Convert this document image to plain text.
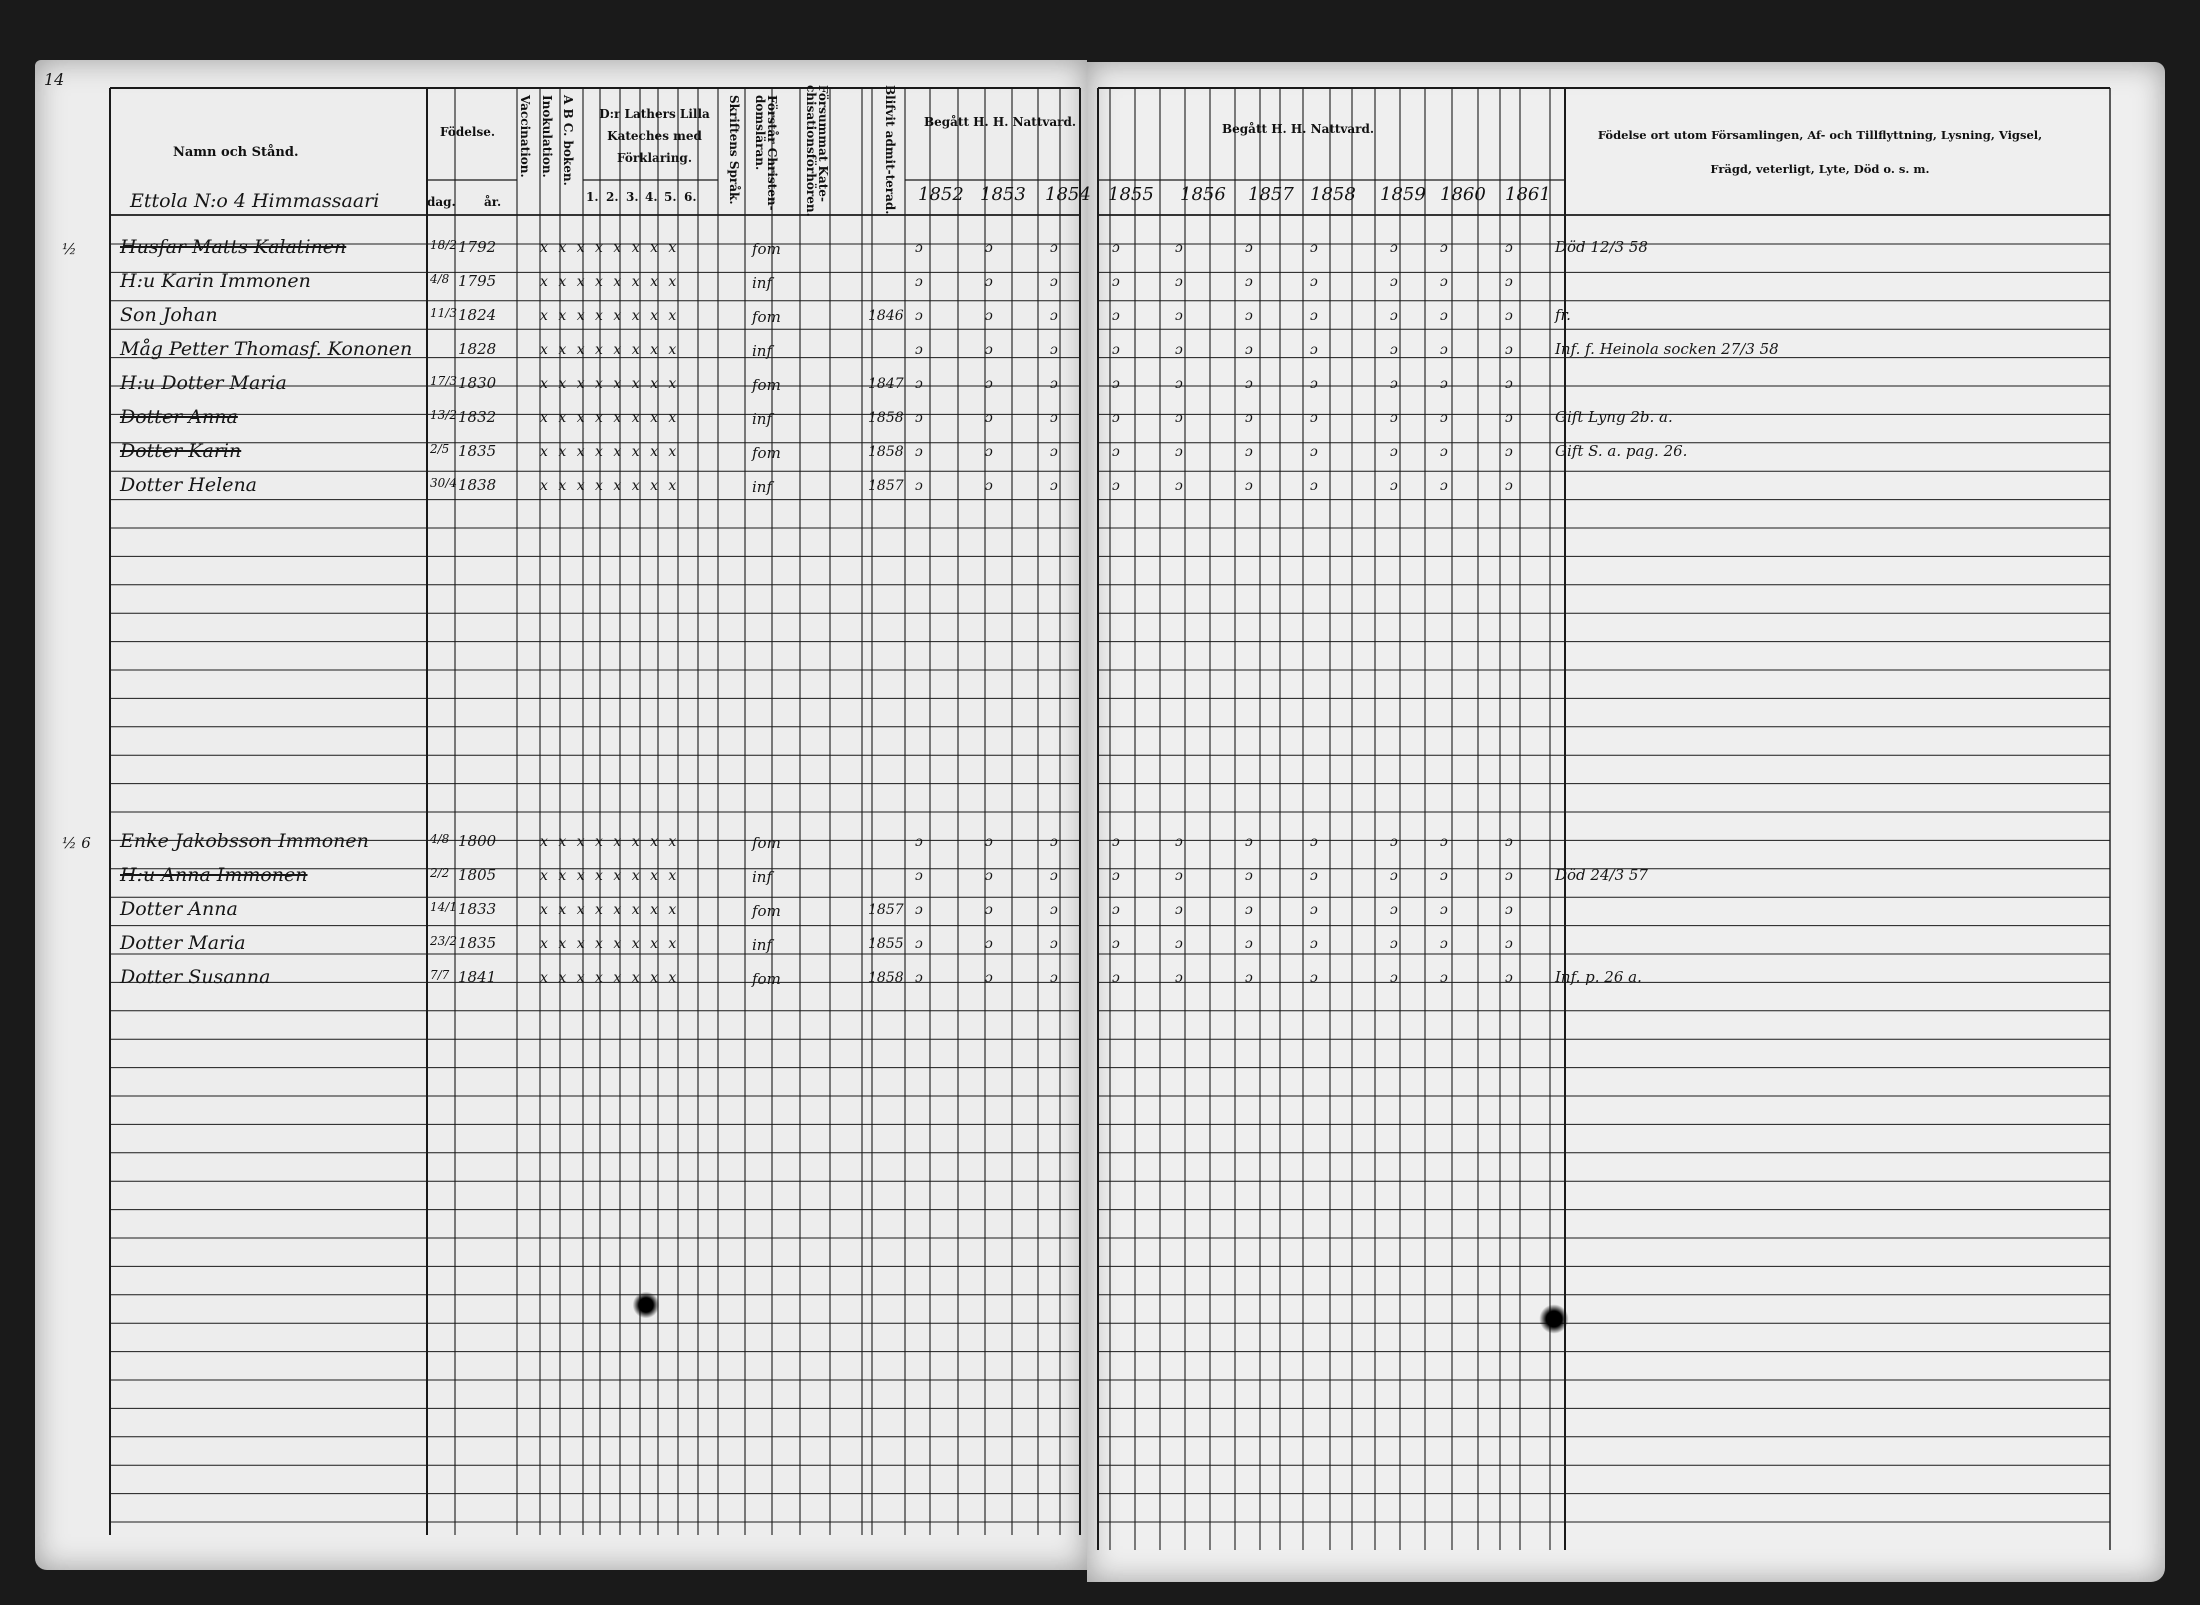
14
Namn och Stånd.
Födelse.
dag. år.
Vaccination. Inokulation. A B C. boken.	D:r Lathers Lilla Kateches med Förklaring.
1. 2. 3. 4. 5. 6.	Skriftens Språk.	Förstår Christen-domsläran.	Försummat Kate-chisationsförhören.	Blifvit admit-terad.	Begått H. H. Nattvard.
1852 1853 1854
Begått H. H. Nattvard.
1855 1856 1857 1858 1859 1860 1861
Födelse ort utom Församlingen, Af- och Tillflyttning, Lysning, Vigsel, Frägd, veterligt, Lyte, Död o. s. m.
Ettola N:o 4 Himmassaari
½ Husfar Matts Kalatinen	18/2 1792	x x x x x x x x	fom	ɔ	ɔ	ɔ	ɔ	ɔ	ɔ	ɔ	ɔ	ɔ	ɔ	Död 12/3 58
H:u Karin Immonen	4/8 1795	x x x x x x x x	inf	ɔ	ɔ	ɔ	ɔ	ɔ	ɔ	ɔ	ɔ	ɔ	ɔ
Son Johan	11/3 1824	x x x x x x x x	fom	1846 ɔ	ɔ	ɔ	ɔ	ɔ	ɔ	ɔ	ɔ	ɔ	ɔ	fr.
Måg Petter Thomasf. Kononen	1828	x x x x x x x x	inf	ɔ	ɔ	ɔ	ɔ	ɔ	ɔ	ɔ	ɔ	ɔ	ɔ	Inf. f. Heinola socken 27/3 58
H:u Dotter Maria	17/3 1830	x x x x x x x x	fom	1847 ɔ	ɔ	ɔ	ɔ	ɔ	ɔ	ɔ	ɔ	ɔ	ɔ
Dotter Anna	13/2 1832	x x x x x x x x	inf	1858 ɔ	ɔ	ɔ	ɔ	ɔ	ɔ	ɔ	ɔ	ɔ	ɔ	Gift Lyng 2b. a.
Dotter Karin	2/5 1835	x x x x x x x x	fom	1858 ɔ	ɔ	ɔ	ɔ	ɔ	ɔ	ɔ	ɔ	ɔ	ɔ	Gift S. a. pag. 26.
Dotter Helena	30/4 1838	x x x x x x x x	inf	1857 ɔ	ɔ	ɔ	ɔ	ɔ	ɔ	ɔ	ɔ	ɔ	ɔ
½ 6 Enke Jakobsson Immonen	4/8 1800	x x x x x x x x	fom	ɔ	ɔ	ɔ	ɔ	ɔ	ɔ	ɔ	ɔ	ɔ	ɔ
H:u Anna Immonen	2/2 1805	x x x x x x x x	inf	ɔ	ɔ	ɔ	ɔ	ɔ	ɔ	ɔ	ɔ	ɔ	ɔ	Död 24/3 57
Dotter Anna	14/1 1833	x x x x x x x x	fom	1857 ɔ	ɔ	ɔ	ɔ	ɔ	ɔ	ɔ	ɔ	ɔ	ɔ
Dotter Maria	23/2 1835	x x x x x x x x	inf	1855 ɔ	ɔ	ɔ	ɔ	ɔ	ɔ	ɔ	ɔ	ɔ	ɔ
Dotter Susanna	7/7 1841	x x x x x x x x	fom	1858 ɔ	ɔ	ɔ	ɔ	ɔ	ɔ	ɔ	ɔ	ɔ	ɔ	Inf. p. 26 a.
